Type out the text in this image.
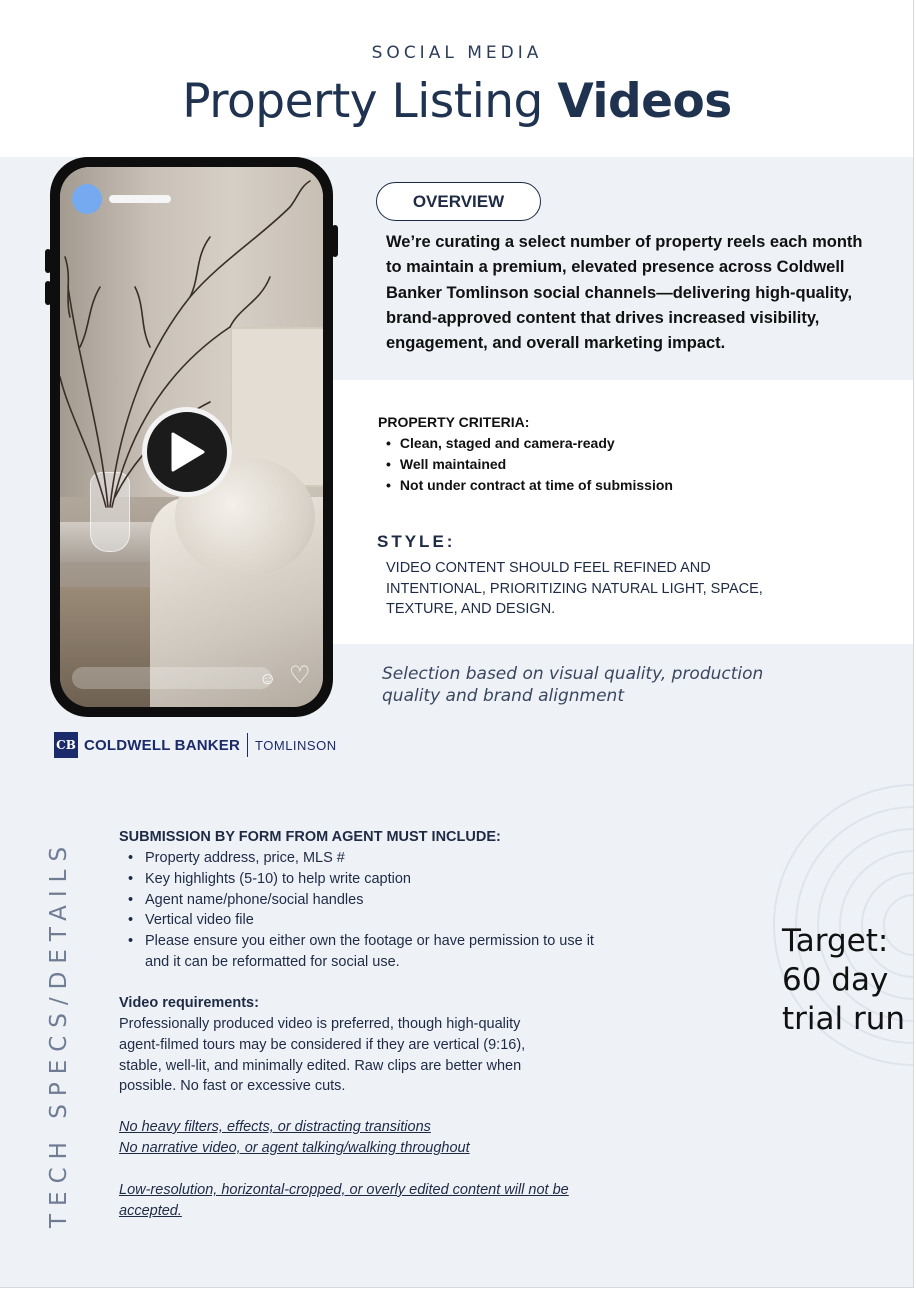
SOCIAL MEDIA
Property Listing Videos
☺ ♡
CB COLDWELL BANKER TOMLINSON
OVERVIEW
We’re curating a select number of property reels each month to maintain a premium, elevated presence across Coldwell Banker Tomlinson social channels—delivering high-quality, brand-approved content that drives increased visibility, engagement, and overall marketing impact.
PROPERTY CRITERIA:
• Clean, staged and camera-ready
• Well maintained
• Not under contract at time of submission
STYLE:
VIDEO CONTENT SHOULD FEEL REFINED AND INTENTIONAL, PRIORITIZING NATURAL LIGHT, SPACE, TEXTURE, AND DESIGN.
Selection based on visual quality, production quality and brand alignment
TECH SPECS/DETAILS
SUBMISSION BY FORM FROM AGENT MUST INCLUDE:
• Property address, price, MLS #
• Key highlights (5-10) to help write caption
• Agent name/phone/social handles
• Vertical video file
• Please ensure you either own the footage or have permission to use it and it can be reformatted for social use.
Video requirements:
Professionally produced video is preferred, though high-quality agent-filmed tours may be considered if they are vertical (9:16), stable, well-lit, and minimally edited. Raw clips are better when possible. No fast or excessive cuts.
No heavy filters, effects, or distracting transitions
No narrative video, or agent talking/walking throughout
Low-resolution, horizontal-cropped, or overly edited content will not be accepted.
Target:
60 day
trial run
